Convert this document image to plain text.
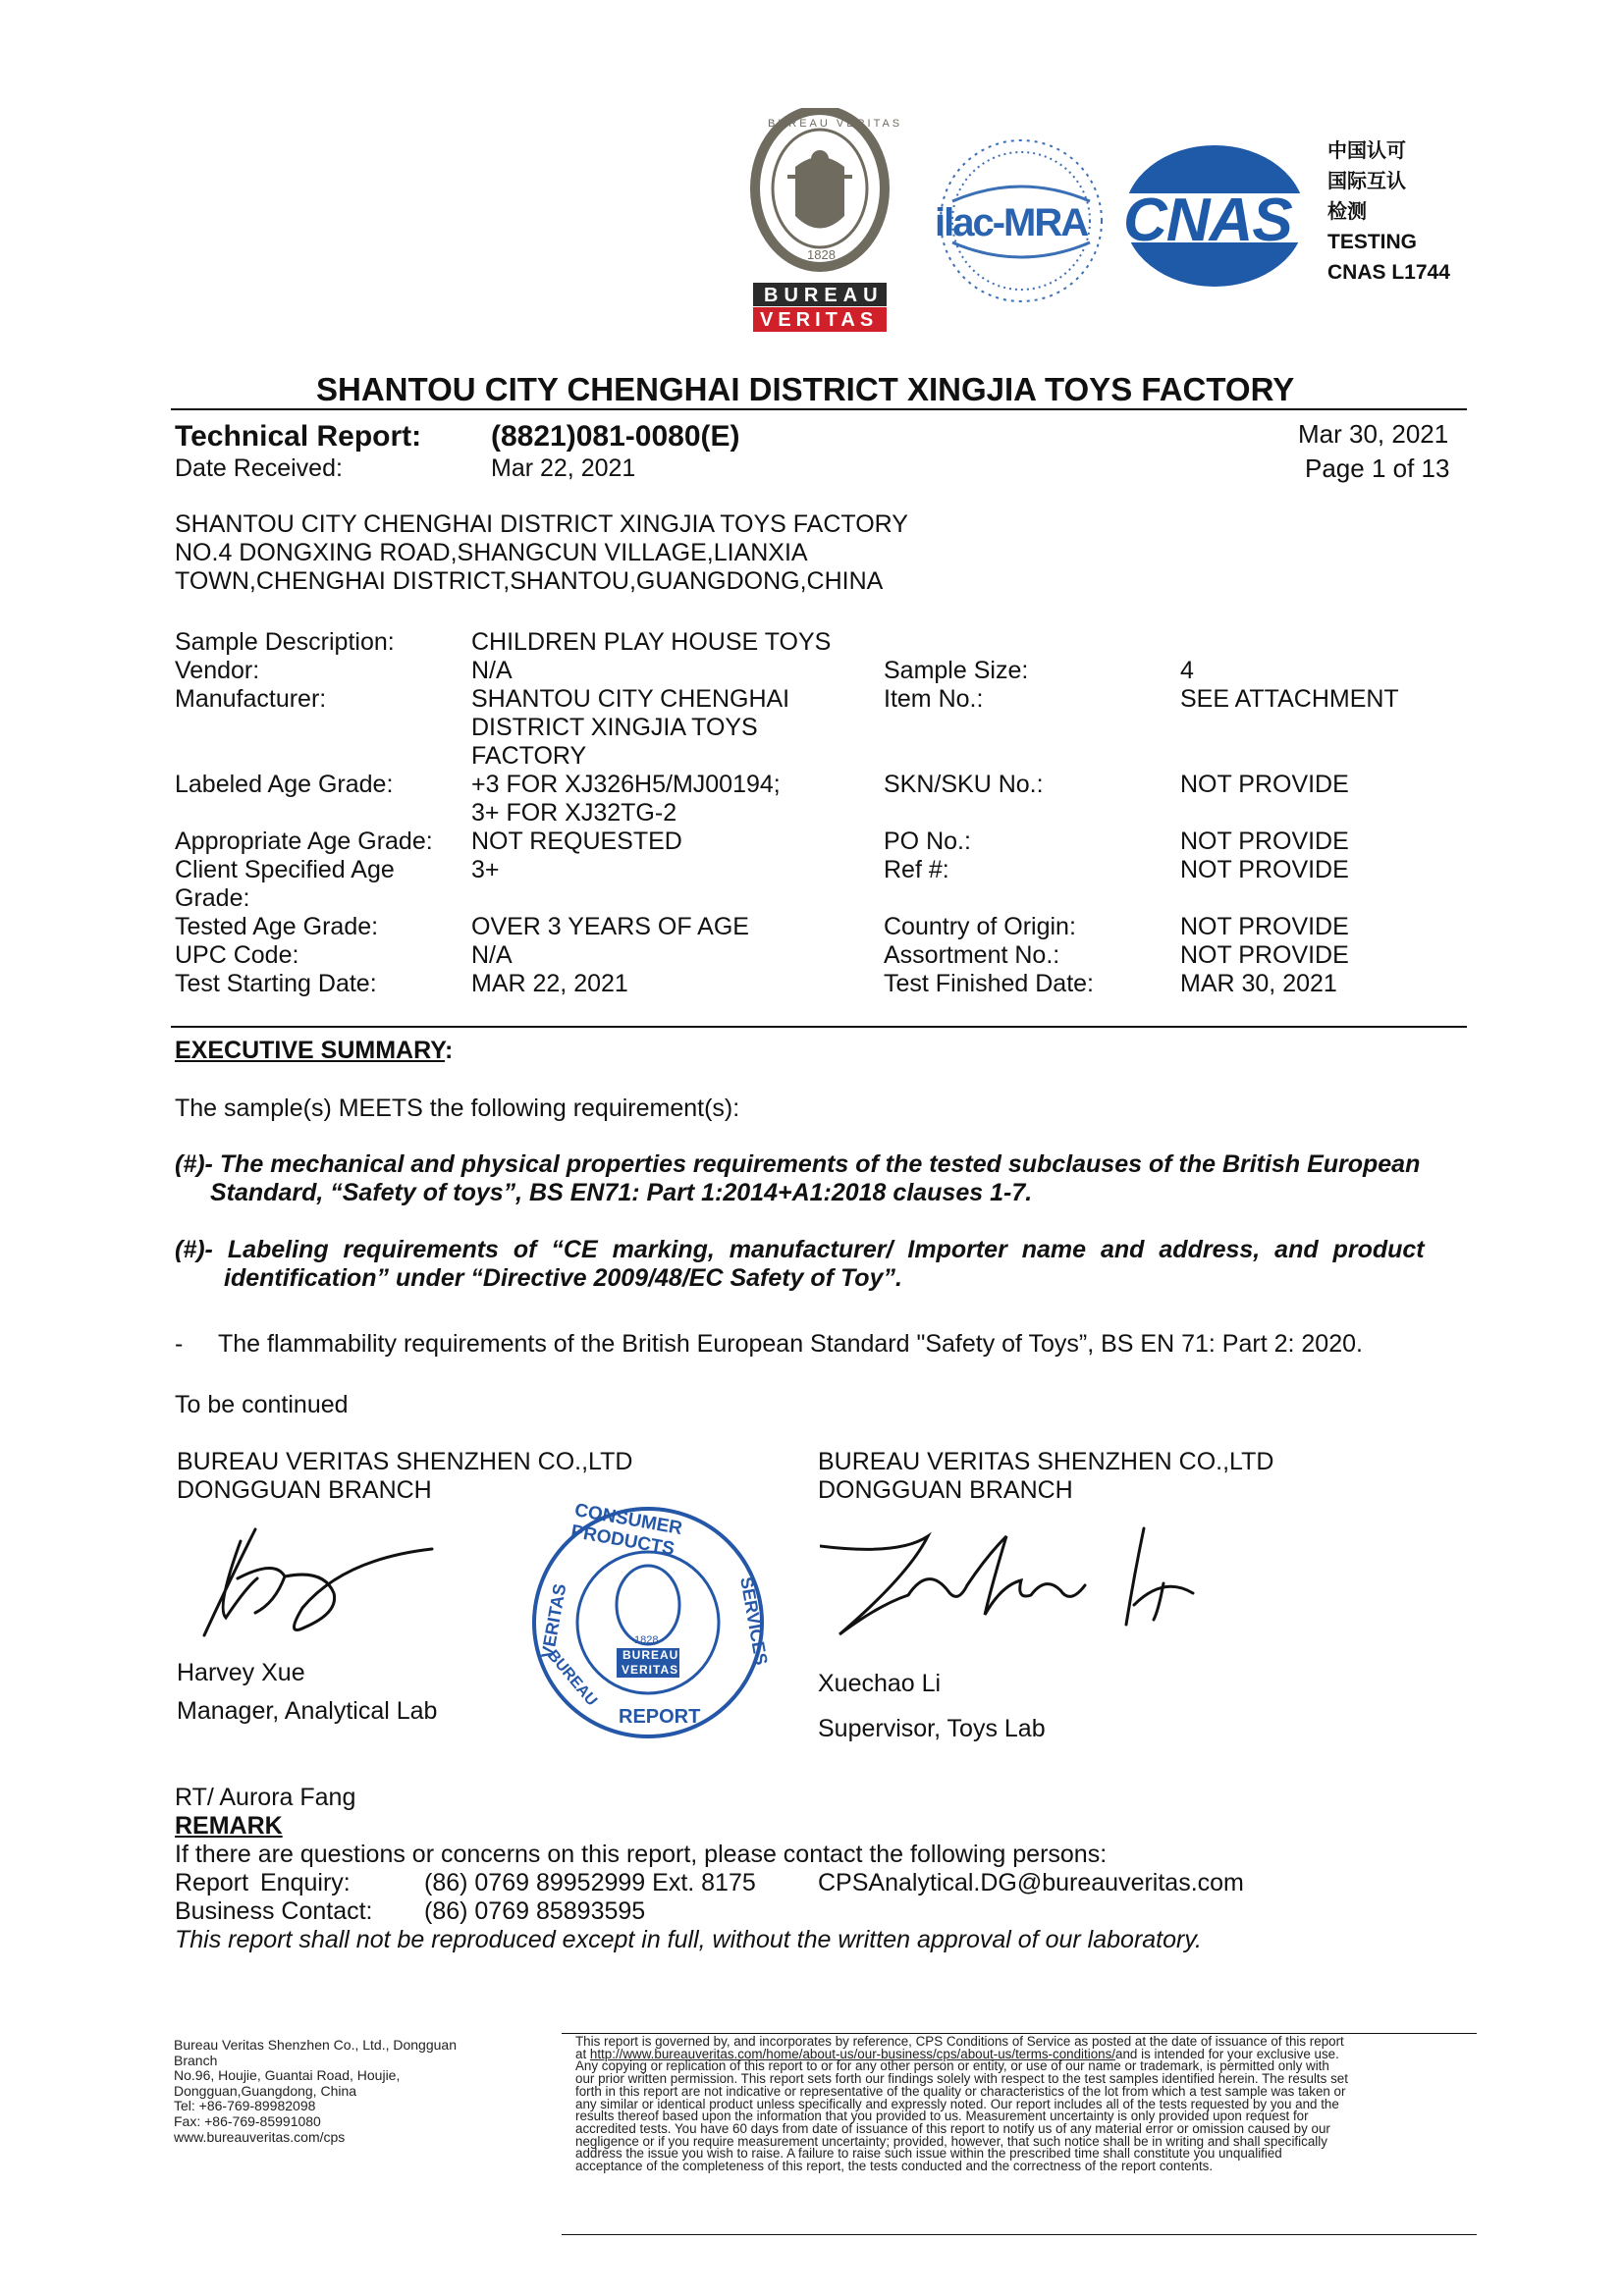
BUREAU VERITAS
1828
BUREAU
VERITAS
ilac-MRA CNAS
中国认可
国际互认
检测
TESTING
CNAS L1744
SHANTOU CITY CHENGHAI DISTRICT XINGJIA TOYS FACTORY
Technical Report: (8821)081-0080(E)	Mar 30, 2021
Date Received:	Mar 22, 2021	Page 1 of 13
SHANTOU CITY CHENGHAI DISTRICT XINGJIA TOYS FACTORY
NO.4 DONGXING ROAD,SHANGCUN VILLAGE,LIANXIA
TOWN,CHENGHAI DISTRICT,SHANTOU,GUANGDONG,CHINA
Sample Description:	CHILDREN PLAY HOUSE TOYS
Vendor:	N/A	Sample Size:	4
Manufacturer:	SHANTOU CITY CHENGHAI
DISTRICT XINGJIA TOYS
FACTORY
Item No.:	SEE ATTACHMENT
Labeled Age Grade:	+3 FOR XJ326H5/MJ00194;
3+ FOR XJ32TG-2
SKN/SKU No.:	NOT PROVIDE
Appropriate Age Grade: NOT REQUESTED	PO No.:	NOT PROVIDE
Client Specified Age
Grade:
3+	Ref #:	NOT PROVIDE
Tested Age Grade:	OVER 3 YEARS OF AGE	Country of Origin:	NOT PROVIDE
UPC Code:	N/A	Assortment No.:	NOT PROVIDE
Test Starting Date:	MAR 22, 2021	Test Finished Date:	MAR 30, 2021
EXECUTIVE SUMMARY:
The sample(s) MEETS the following requirement(s):
(#)- The mechanical and physical properties requirements of the tested subclauses of the British European
Standard, “Safety of toys”, BS EN71: Part 1:2014+A1:2018 clauses 1-7.
(#)- Labeling requirements of “CE marking, manufacturer/ Importer name and address, and product
identification” under “Directive 2009/48/EC Safety of Toy”.
- The flammability requirements of the British European Standard "Safety of Toys”, BS EN 71: Part 2: 2020.
To be continued
BUREAU VERITAS SHENZHEN CO.,LTD
DONGGUAN BRANCH
Harvey Xue
Manager, Analytical Lab
CONSUMER PRODUCTS
VERITAS	SERVICES
BUREAU
REPORT
1828
BUREAU
VERITAS
BUREAU VERITAS SHENZHEN CO.,LTD
DONGGUAN BRANCH
Xuechao Li
Supervisor, Toys Lab
RT/ Aurora Fang
REMARK
If there are questions or concerns on this report, please contact the following persons:
Report Enquiry:	(86) 0769 89952999 Ext. 8175	CPSAnalytical.DG@bureauveritas.com
Business Contact: (86) 0769 85893595
This report shall not be reproduced except in full, without the written approval of our laboratory.
Bureau Veritas Shenzhen Co., Ltd., Dongguan
Branch
No.96, Houjie, Guantai Road, Houjie,
Dongguan,Guangdong, China
Tel: +86-769-89982098
Fax: +86-769-85991080
www.bureauveritas.com/cps
This report is governed by, and incorporates by reference, CPS Conditions of Service as posted at the date of issuance of this report
at http://www.bureauveritas.com/home/about-us/our-business/cps/about-us/terms-conditions/and is intended for your exclusive use.
Any copying or replication of this report to or for any other person or entity, or use of our name or trademark, is permitted only with
our prior written permission. This report sets forth our findings solely with respect to the test samples identified herein. The results set
forth in this report are not indicative or representative of the quality or characteristics of the lot from which a test sample was taken or
any similar or identical product unless specifically and expressly noted. Our report includes all of the tests requested by you and the
results thereof based upon the information that you provided to us. Measurement uncertainty is only provided upon request for
accredited tests. You have 60 days from date of issuance of this report to notify us of any material error or omission caused by our
negligence or if you require measurement uncertainty; provided, however, that such notice shall be in writing and shall specifically
address the issue you wish to raise. A failure to raise such issue within the prescribed time shall constitute you unqualified
acceptance of the completeness of this report, the tests conducted and the correctness of the report contents.
